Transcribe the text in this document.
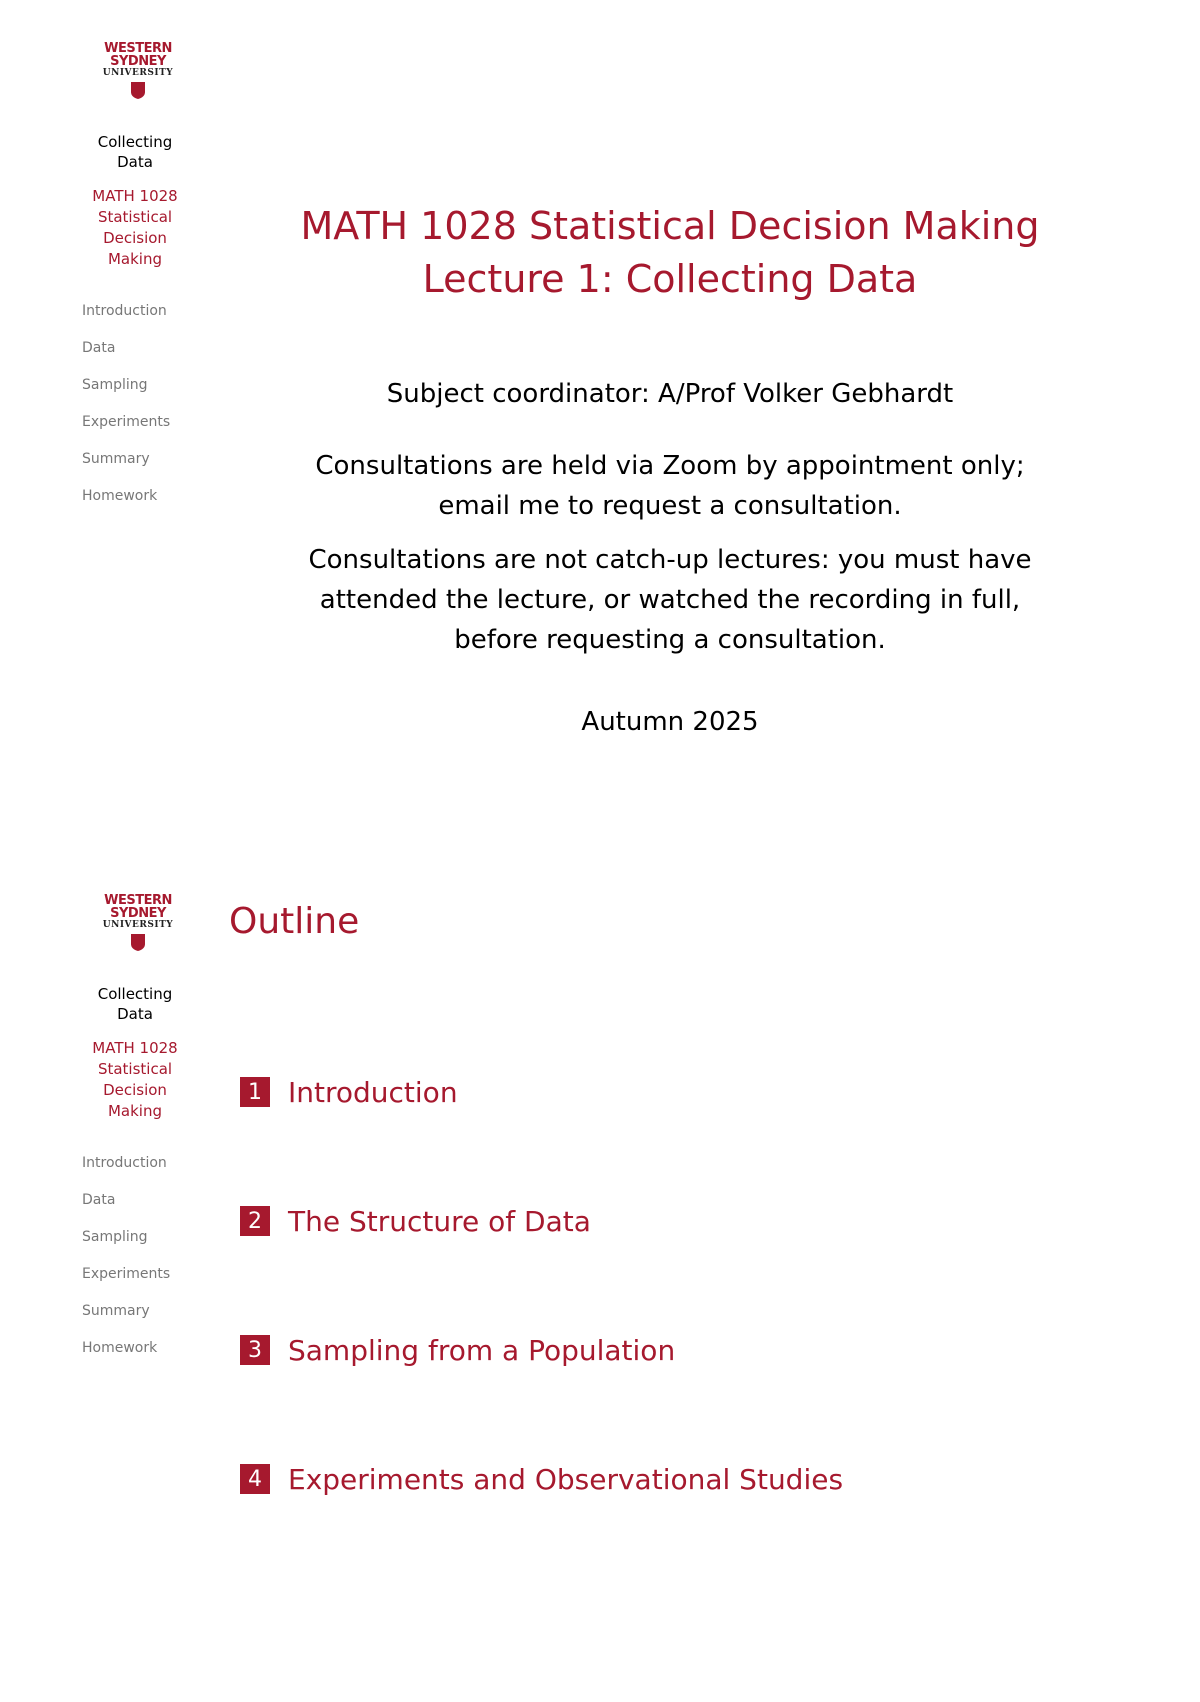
WESTERN SYDNEY
UNIVERSITY
Collecting
Data
MATH 1028
Statistical
Decision
Making
Introduction
Data
Sampling
Experiments
Summary
Homework
MATH 1028 Statistical Decision Making
Lecture 1: Collecting Data
Subject coordinator: A/Prof Volker Gebhardt
Consultations are held via Zoom by appointment only;
email me to request a consultation.
Consultations are not catch-up lectures: you must have
attended the lecture, or watched the recording in full,
before requesting a consultation.
Autumn 2025
WESTERN SYDNEY
UNIVERSITY
Collecting
Data
MATH 1028
Statistical
Decision
Making
Introduction
Data
Sampling
Experiments
Summary
Homework
Outline
1 Introduction
2 The Structure of Data
3 Sampling from a Population
4 Experiments and Observational Studies
